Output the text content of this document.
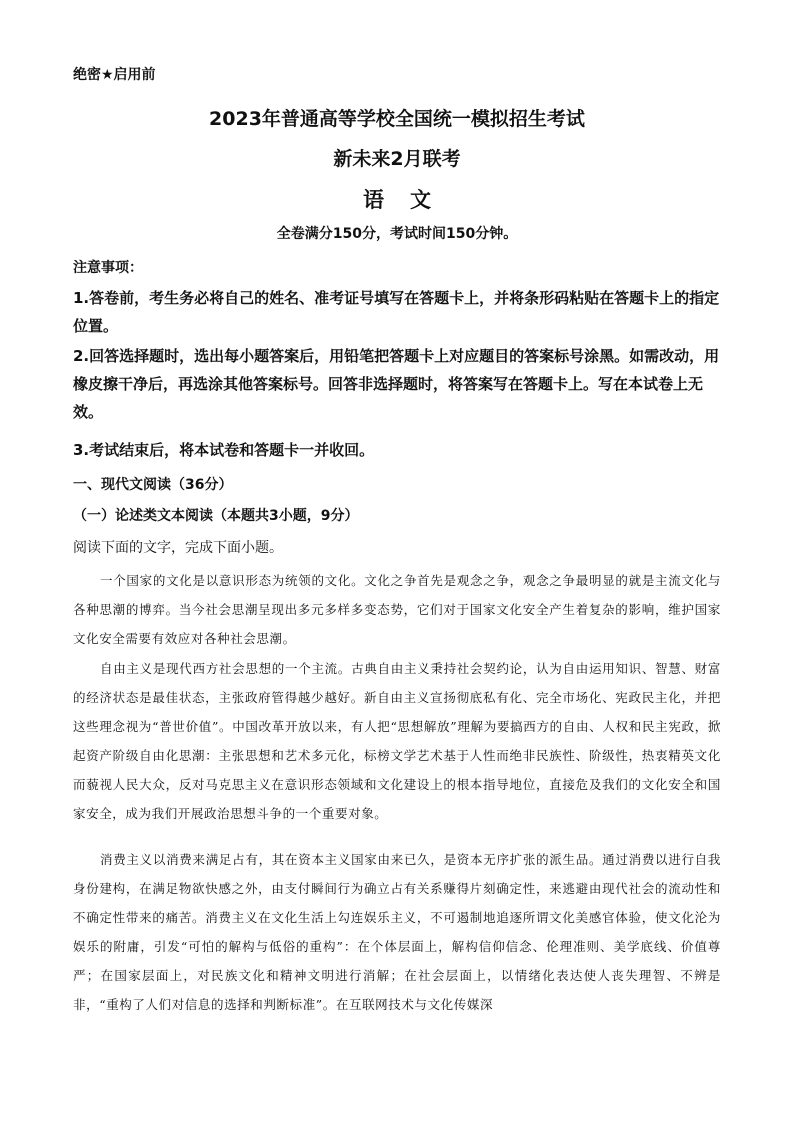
绝密★启用前
2023年普通高等学校全国统一模拟招生考试
新未来2月联考
语文
全卷满分150分，考试时间150分钟。
注意事项：
1.答卷前，考生务必将自己的姓名、准考证号填写在答题卡上，并将条形码粘贴在答题卡上的指定位置。
2.回答选择题时，选出每小题答案后，用铅笔把答题卡上对应题目的答案标号涂黑。如需改动，用橡皮擦干净后，再选涂其他答案标号。回答非选择题时，将答案写在答题卡上。写在本试卷上无效。
3.考试结束后，将本试卷和答题卡一并收回。
一、现代文阅读（36分）
（一）论述类文本阅读（本题共3小题，9分）
阅读下面的文字，完成下面小题。
一个国家的文化是以意识形态为统领的文化。文化之争首先是观念之争，观念之争最明显的就是主流文化与各种思潮的博弈。当今社会思潮呈现出多元多样多变态势，它们对于国家文化安全产生着复杂的影响，维护国家文化安全需要有效应对各种社会思潮。
自由主义是现代西方社会思想的一个主流。古典自由主义秉持社会契约论，认为自由运用知识、智慧、财富的经济状态是最佳状态，主张政府管得越少越好。新自由主义宣扬彻底私有化、完全市场化、宪政民主化，并把这些理念视为“普世价值”。中国改革开放以来，有人把“思想解放”理解为要搞西方的自由、人权和民主宪政，掀起资产阶级自由化思潮：主张思想和艺术多元化，标榜文学艺术基于人性而绝非民族性、阶级性，热衷精英文化而藐视人民大众，反对马克思主义在意识形态领域和文化建设上的根本指导地位，直接危及我们的文化安全和国家安全，成为我们开展政治思想斗争的一个重要对象。
消费主义以消费来满足占有，其在资本主义国家由来已久，是资本无序扩张的派生品。通过消费以进行自我身份建构，在满足物欲快感之外，由支付瞬间行为确立占有关系赚得片刻确定性，来逃避由现代社会的流动性和不确定性带来的痛苦。消费主义在文化生活上勾连娱乐主义，不可遏制地追逐所谓文化美感官体验，使文化沦为娱乐的附庸，引发“可怕的解构与低俗的重构”：在个体层面上，解构信仰信念、伦理准则、美学底线、价值尊严；在国家层面上，对民族文化和精神文明进行消解；在社会层面上，以情绪化表达使人丧失理智、不辨是非，“重构了人们对信息的选择和判断标准”。在互联网技术与文化传媒深
